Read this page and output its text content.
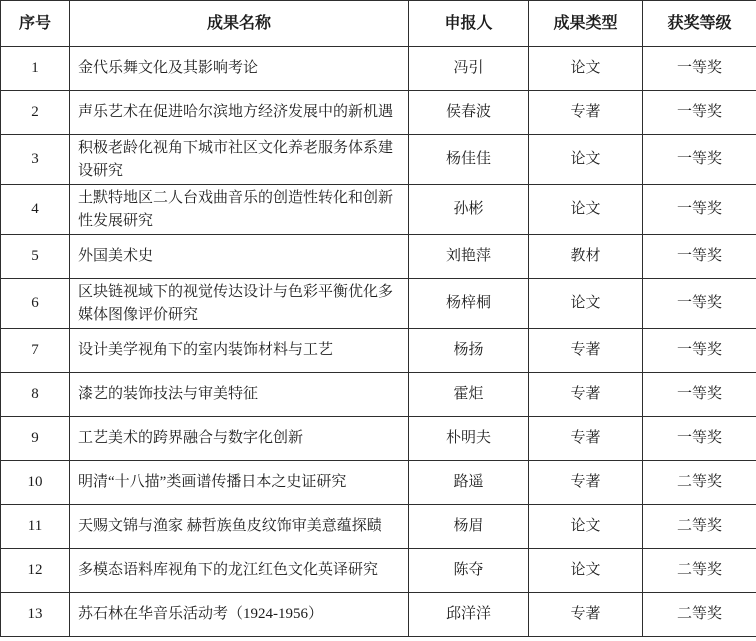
序号	成果名称	申报人	成果类型	获奖等级
1	金代乐舞文化及其影响考论	冯引	论文	一等奖
2	声乐艺术在促进哈尔滨地方经济发展中的新机遇	侯春波	专著	一等奖
3	积极老龄化视角下城市社区文化养老服务体系建设研究	杨佳佳	论文	一等奖
4	土默特地区二人台戏曲音乐的创造性转化和创新性发展研究	孙彬	论文	一等奖
5	外国美术史	刘艳萍	教材	一等奖
6	区块链视域下的视觉传达设计与色彩平衡优化多媒体图像评价研究	杨梓桐	论文	一等奖
7	设计美学视角下的室内装饰材料与工艺	杨扬	专著	一等奖
8	漆艺的装饰技法与审美特征	霍炬	专著	一等奖
9	工艺美术的跨界融合与数字化创新	朴明夫	专著	一等奖
10	明清“十八描”类画谱传播日本之史证研究	路遥	专著	二等奖
11	天赐文锦与渔家 赫哲族鱼皮纹饰审美意蕴探赜	杨眉	论文	二等奖
12	多模态语料库视角下的龙江红色文化英译研究	陈夺	论文	二等奖
13	苏石林在华音乐活动考（1924-1956）	邱洋洋	专著	二等奖
